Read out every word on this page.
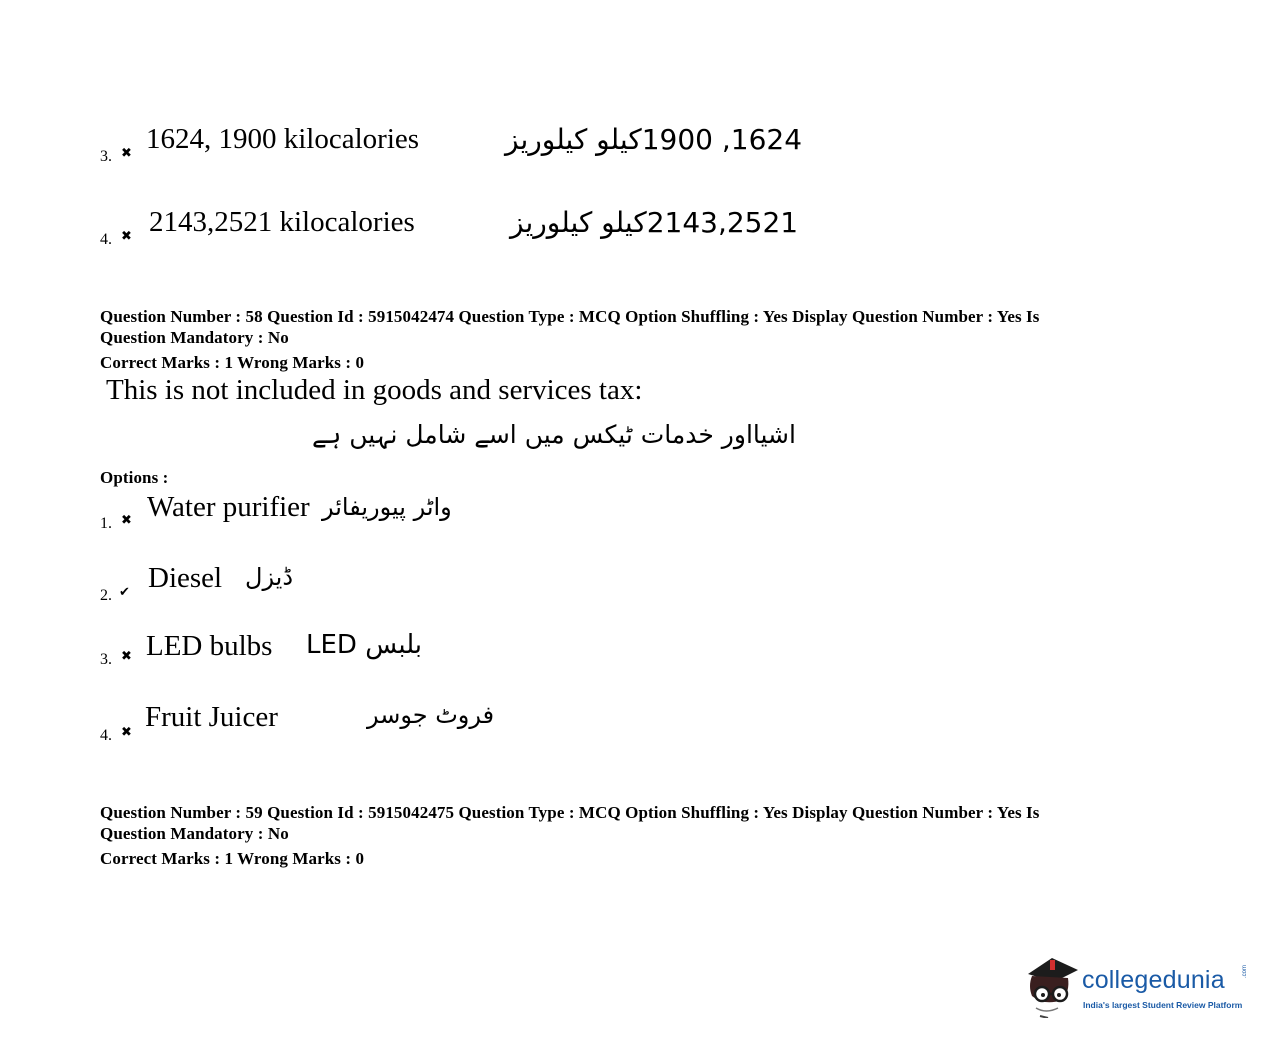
3. ✖ 1624, 1900 kilocalories	1624, 1900کیلو کیلوریز
4. ✖ 2143,2521 kilocalories	2143,2521کیلو کیلوریز
Question Number : 58 Question Id : 5915042474 Question Type : MCQ Option Shuffling : Yes Display Question Number : Yes Is
Question Mandatory : No
Correct Marks : 1 Wrong Marks : 0
This is not included in goods and services tax:
اشیااور خدمات ٹیکس میں اسے شامل نہیں ہے
Options :
1. ✖ Water purifier واٹر پیوریفائر
2. ✔ Diesel ڈیزل
3. ✖ LED bulbs بلبس LED
4. ✖ Fruit Juicer	فروٹ جوسر
Question Number : 59 Question Id : 5915042475 Question Type : MCQ Option Shuffling : Yes Display Question Number : Yes Is
Question Mandatory : No
Correct Marks : 1 Wrong Marks : 0
collegedunia	.com
India's largest Student Review Platform
